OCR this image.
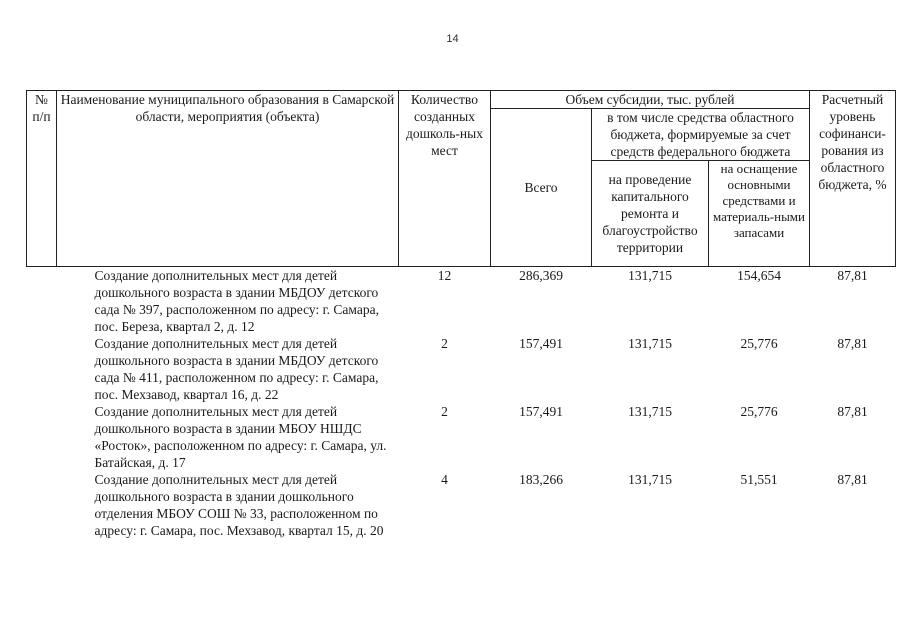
14
№ п/п	Наименование муниципального образования в Самарской области, мероприятия (объекта)	Количество созданных дошколь-ных мест	Объем субсидии, тыс. рублей			Расчетный уровень софинанси-рования из областного бюджета, %
			Всего	в том числе средства областного бюджета, формируемые за счет средств федерального бюджета		
				на проведение капитального ремонта и благоустройство территории	на оснащение основными средствами и материаль-ными запасами	
	Создание дополнительных мест для детей дошкольного возраста в здании МБДОУ детского сада № 397, расположенном по адресу: г. Самара, пос. Береза, квартал 2, д. 12	12	286,369	131,715	154,654	87,81
	Создание дополнительных мест для детей дошкольного возраста в здании МБДОУ детского сада № 411, расположенном по адресу: г. Самара, пос. Мехзавод, квартал 16, д. 22	2	157,491	131,715	25,776	87,81
	Создание дополнительных мест для детей дошкольного возраста в здании МБОУ НШДС «Росток», расположенном по адресу: г. Самара, ул. Батайская, д. 17	2	157,491	131,715	25,776	87,81
	Создание дополнительных мест для детей дошкольного возраста в здании дошкольного отделения МБОУ СОШ № 33, расположенном по адресу: г. Самара, пос. Мехзавод, квартал 15, д. 20	4	183,266	131,715	51,551	87,81
